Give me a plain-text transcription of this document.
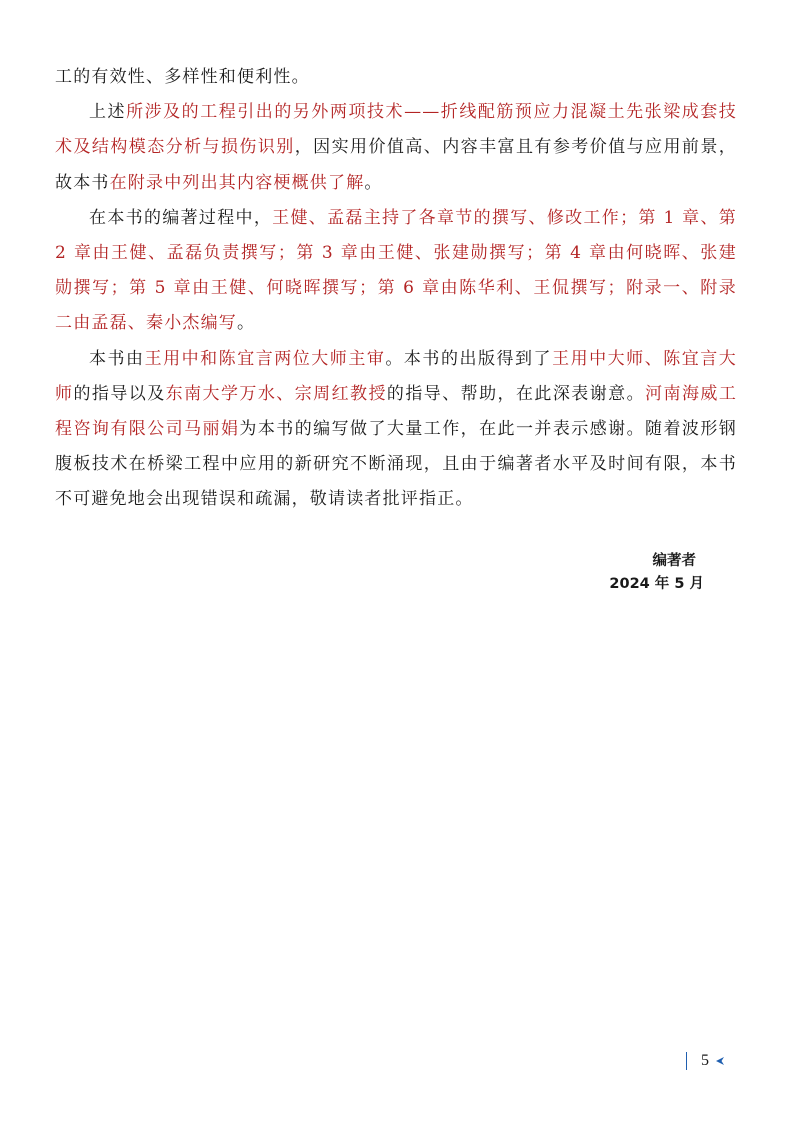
工的有效性、多样性和便利性。

上述所涉及的工程引出的另外两项技术——折线配筋预应力混凝土先张梁成套技术及结构模态分析与损伤识别，因实用价值高、内容丰富且有参考价值与应用前景，故本书在附录中列出其内容梗概供了解。

在本书的编著过程中，王健、孟磊主持了各章节的撰写、修改工作；第 1 章、第 2 章由王健、孟磊负责撰写；第 3 章由王健、张建勋撰写；第 4 章由何晓晖、张建勋撰写；第 5 章由王健、何晓晖撰写；第 6 章由陈华利、王侃撰写；附录一、附录二由孟磊、秦小杰编写。

本书由王用中和陈宜言两位大师主审。本书的出版得到了王用中大师、陈宜言大师的指导以及东南大学万水、宗周红教授的指导、帮助，在此深表谢意。河南海威工程咨询有限公司马丽娟为本书的编写做了大量工作，在此一并表示感谢。随着波形钢腹板技术在桥梁工程中应用的新研究不断涌现，且由于编著者水平及时间有限，本书不可避免地会出现错误和疏漏，敬请读者批评指正。

编著者
2024 年 5 月
5
